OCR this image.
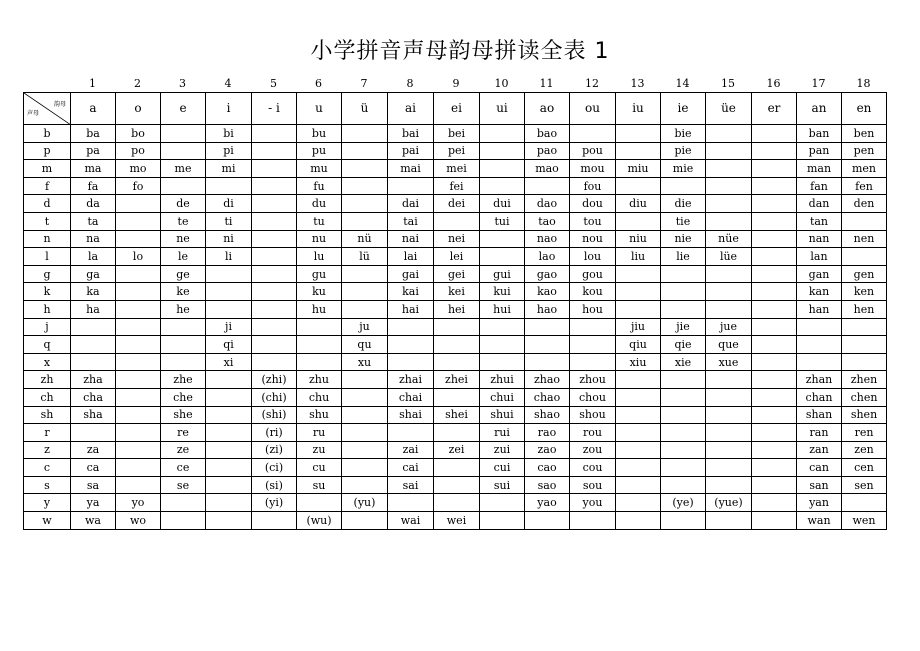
小学拼音声母韵母拼读全表 1
1	2	3	4	5	6	7	8	9	10	11	12	13	14	15	16	17	18
韵母
声母	a	o	e	i	- i	u	ü	ai	ei	ui	ao	ou	iu	ie	üe	er	an	en
b	ba	bo		bi		bu		bai	bei		bao			bie			ban	ben
p	pa	po		pi		pu		pai	pei		pao	pou		pie			pan	pen
m	ma	mo	me	mi		mu		mai	mei		mao	mou	miu	mie			man	men
f	fa	fo				fu			fei			fou					fan	fen
d	da		de	di		du		dai	dei	dui	dao	dou	diu	die			dan	den
t	ta		te	ti		tu		tai		tui	tao	tou		tie			tan	
n	na		ne	ni		nu	nü	nai	nei		nao	nou	niu	nie	nüe		nan	nen
l	la	lo	le	li		lu	lü	lai	lei		lao	lou	liu	lie	lüe		lan	
g	ga		ge			gu		gai	gei	gui	gao	gou					gan	gen
k	ka		ke			ku		kai	kei	kui	kao	kou					kan	ken
h	ha		he			hu		hai	hei	hui	hao	hou					han	hen
j				ji			ju						jiu	jie	jue			
q				qi			qu						qiu	qie	que			
x				xi			xu						xiu	xie	xue			
zh	zha		zhe		(zhi)	zhu		zhai	zhei	zhui	zhao	zhou					zhan	zhen
ch	cha		che		(chi)	chu		chai		chui	chao	chou					chan	chen
sh	sha		she		(shi)	shu		shai	shei	shui	shao	shou					shan	shen
r			re		(ri)	ru				rui	rao	rou					ran	ren
z	za		ze		(zi)	zu		zai	zei	zui	zao	zou					zan	zen
c	ca		ce		(ci)	cu		cai		cui	cao	cou					can	cen
s	sa		se		(si)	su		sai		sui	sao	sou					san	sen
y	ya	yo			(yi)		(yu)				yao	you		(ye)	(yue)		yan	
w	wa	wo				(wu)		wai	wei								wan	wen
